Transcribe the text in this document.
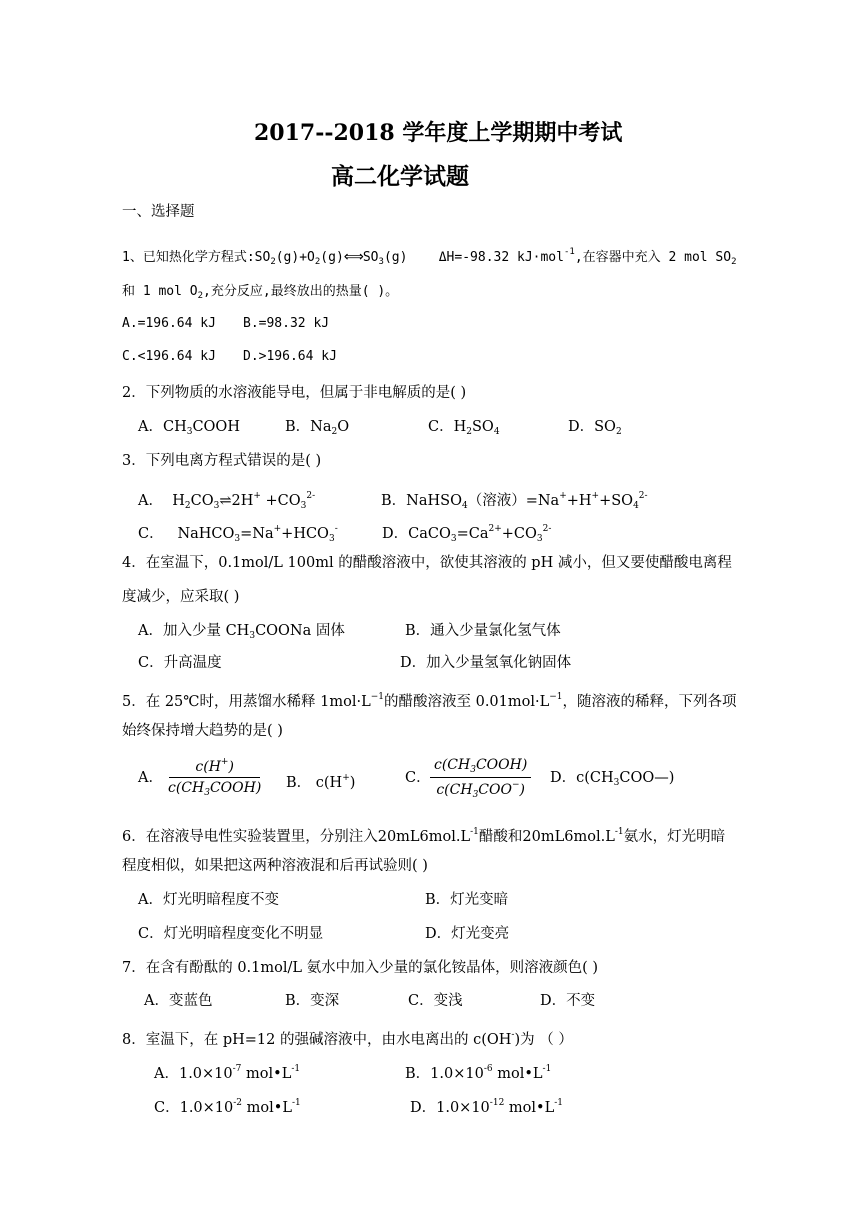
2017--2018 学年度上学期期中考试
高二化学试题
一、选择题
1、已知热化学方程式$:SO_2(g)+O_2(g)⟺SO_3(g)$ ΔH=-98.32 kJ·mol$^{-1}$,在容器中充入 2 mol $SO_2$
和 1 mol $O_2$,充分反应,最终放出的热量( )。
A.=196.64 kJ B.=98.32 kJ
C.<196.64 kJ D.>196.64 kJ
2．下列物质的水溶液能导电，但属于非电解质的是( )
A．$CH_3COOH$	B．$Na_2O$	C．$H_2SO_4$	D．$SO_2$
3．下列电离方程式错误的是( )
A． $H_2CO_3\rightleftharpoons 2H^+ +CO_3^{2-}$	B．NaHSO$_4$（溶液）$=Na^++H^++SO_4^{2-}$
C． $NaHCO_3=Na^++HCO_3^-$	D．$CaCO_3=Ca^{2+}+CO_3^{2-}$
4．在室温下，0.1mol/L 100ml 的醋酸溶液中，欲使其溶液的 pH 减小，但又要使醋酸电离程
度减少，应采取( )
A．加入少量 $CH_3COONa$ 固体	B．通入少量氯化氢气体
C．升高温度	D．加入少量氢氧化钠固体
5．在 25℃时，用蒸馏水稀释 $1mol\cdot L^{-1}$的醋酸溶液至 $0.01mol\cdot L^{-1}$，随溶液的稀释，下列各项
始终保持增大趋势的是( )
A． $\frac{c(H^+)}{c(CH_3COOH)}$ B． c(H+)	C． $\frac{c(CH_3COOH)}{c(CH_3COO^-)}$ D．$c(CH_3COO—)$
6．在溶液导电性实验装置里，分别注入$20mL6mol.L^{-1}$醋酸和$20mL6mol.L^{-1}$氨水，灯光明暗
程度相似，如果把这两种溶液混和后再试验则( )
A．灯光明暗程度不变	B．灯光变暗
C．灯光明暗程度变化不明显	D．灯光变亮
7．在含有酚酞的 0.1mol/L 氨水中加入少量的氯化铵晶体，则溶液颜色( )
A．变蓝色	B．变深	C．变浅	D．不变
8．室温下，在 pH=12 的强碱溶液中，由水电离出的 c(OH-)为 （ ）
A．$1.0\times 10^{-7}$ $mol•L^{-1}$	B．$1.0\times 10^{-6}$ $mol•L^{-1}$
C．$1.0\times 10^{-2}$ $mol•L^{-1}$	D．$1.0\times 10^{-12}$ $mol•L^{-1}$
